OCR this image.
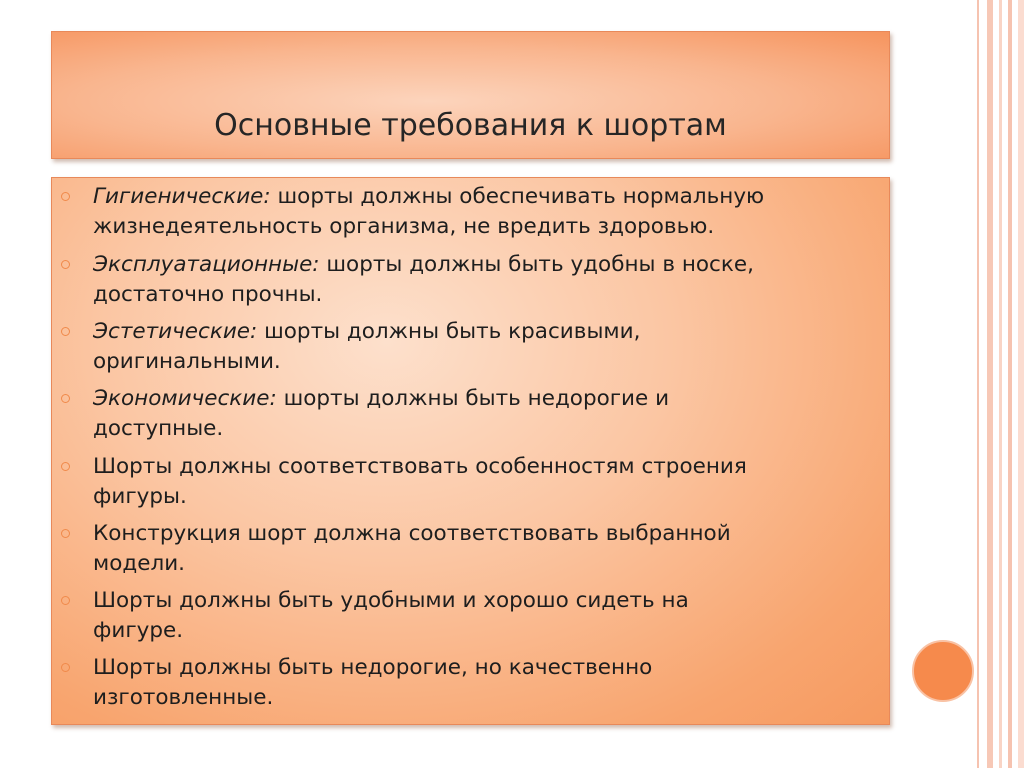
Основные требования к шортам
Гигиенические: шорты должны обеспечивать нормальную
жизнедеятельность организма, не вредить здоровью.
Эксплуатационные: шорты должны быть удобны в носке,
достаточно прочны.
Эстетические: шорты должны быть красивыми,
оригинальными.
Экономические: шорты должны быть недорогие и
доступные.
Шорты должны соответствовать особенностям строения
фигуры.
Конструкция шорт должна соответствовать выбранной
модели.
Шорты должны быть удобными и хорошо сидеть на
фигуре.
Шорты должны быть недорогие, но качественно
изготовленные.
